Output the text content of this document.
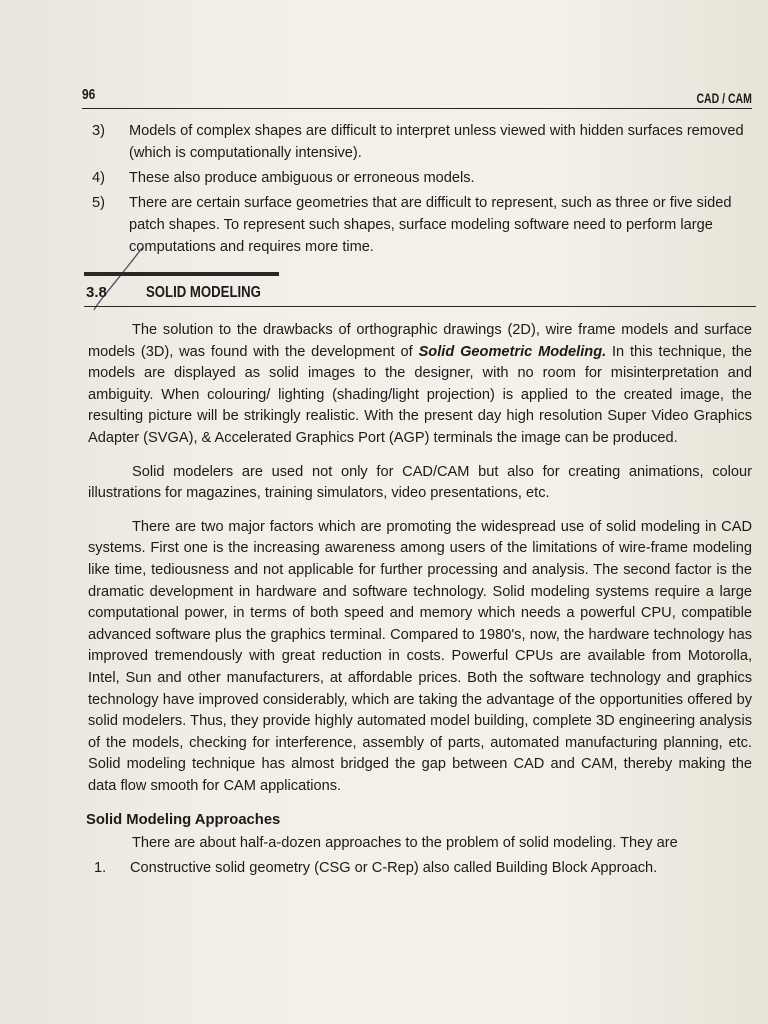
96	CAD / CAM
3) Models of complex shapes are difficult to interpret unless viewed with hidden surfaces removed (which is computationally intensive).
4) These also produce ambiguous or erroneous models.
5) There are certain surface geometries that are difficult to represent, such as three or five sided patch shapes. To represent such shapes, surface modeling software need to perform large computations and requires more time.
3.8	SOLID MODELING

The solution to the drawbacks of orthographic drawings (2D), wire frame models and surface models (3D), was found with the development of Solid Geometric Modeling. In this technique, the models are displayed as solid images to the designer, with no room for misinterpretation and ambiguity. When colouring/ lighting (shading/light projection) is applied to the created image, the resulting picture will be strikingly realistic. With the present day high resolution Super Video Graphics Adapter (SVGA), & Accelerated Graphics Port (AGP) terminals the image can be produced.

Solid modelers are used not only for CAD/CAM but also for creating animations, colour illustrations for magazines, training simulators, video presentations, etc.

There are two major factors which are promoting the widespread use of solid modeling in CAD systems. First one is the increasing awareness among users of the limitations of wire-frame modeling like time, tediousness and not applicable for further processing and analysis. The second factor is the dramatic development in hardware and software technology. Solid modeling systems require a large computational power, in terms of both speed and memory which needs a powerful CPU, compatible advanced software plus the graphics terminal. Compared to 1980's, now, the hardware technology has improved tremendously with great reduction in costs. Powerful CPUs are available from Motorolla, Intel, Sun and other manufacturers, at affordable prices. Both the software technology and graphics technology have improved considerably, which are taking the advantage of the opportunities offered by solid modelers. Thus, they provide highly automated model building, complete 3D engineering analysis of the models, checking for interference, assembly of parts, automated manufacturing planning, etc. Solid modeling technique has almost bridged the gap between CAD and CAM, thereby making the data flow smooth for CAM applications.

Solid Modeling Approaches

There are about half-a-dozen approaches to the problem of solid modeling. They are

1. Constructive solid geometry (CSG or C-Rep) also called Building Block Approach.
